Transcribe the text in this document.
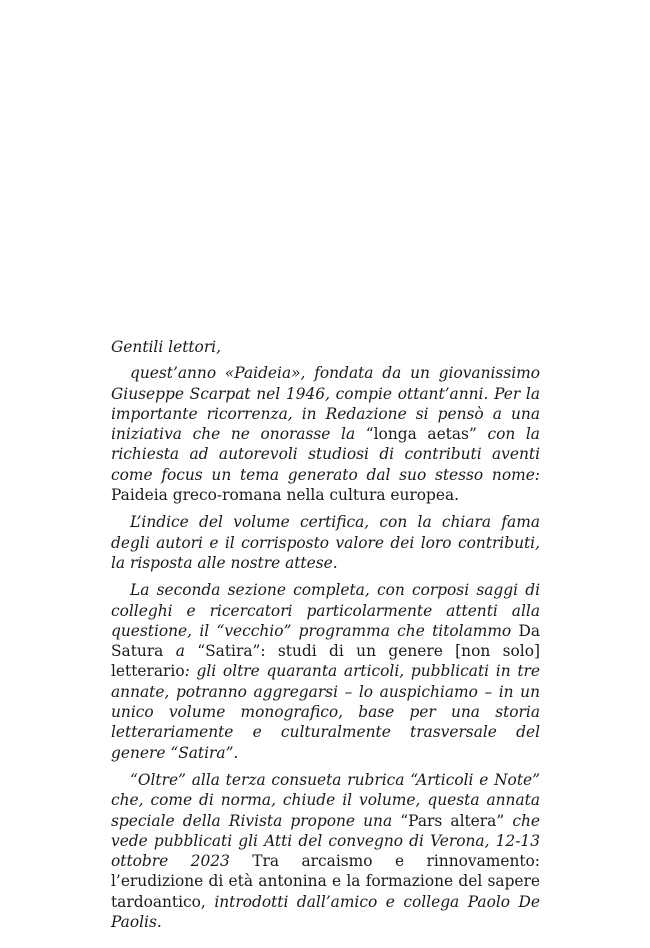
Gentili lettori,

quest’anno «Paideia», fondata da un giovanissimo Giuseppe Scarpat nel 1946, compie ottant’anni. Per la importante ricorrenza, in Redazione si pensò a una iniziativa che ne onorasse la “longa aetas” con la richiesta ad autorevoli studiosi di contributi aventi come focus un tema generato dal suo stesso nome: Paideia greco-romana nella cultura europea.

L’indice del volume certifica, con la chiara fama degli autori e il corrisposto valore dei loro contributi, la risposta alle nostre attese.

La seconda sezione completa, con corposi saggi di colleghi e ricercatori particolarmente attenti alla questione, il “vecchio” programma che titolammo Da Satura a “Satira”: studi di un genere [non solo] letterario: gli oltre quaranta articoli, pubblicati in tre annate, potranno aggregarsi – lo auspichiamo – in un unico volume monografico, base per una storia letterariamente e culturalmente trasversale del genere “Satira”.

“Oltre” alla terza consueta rubrica “Articoli e Note” che, come di norma, chiude il volume, questa annata speciale della Rivista propone una “Pars altera” che vede pubblicati gli Atti del convegno di Verona, 12-13 ottobre 2023 Tra arcaismo e rinnovamento: l’erudizione di età antonina e la formazione del sapere tardoantico, introdotti dall’amico e collega Paolo De Paolis.
